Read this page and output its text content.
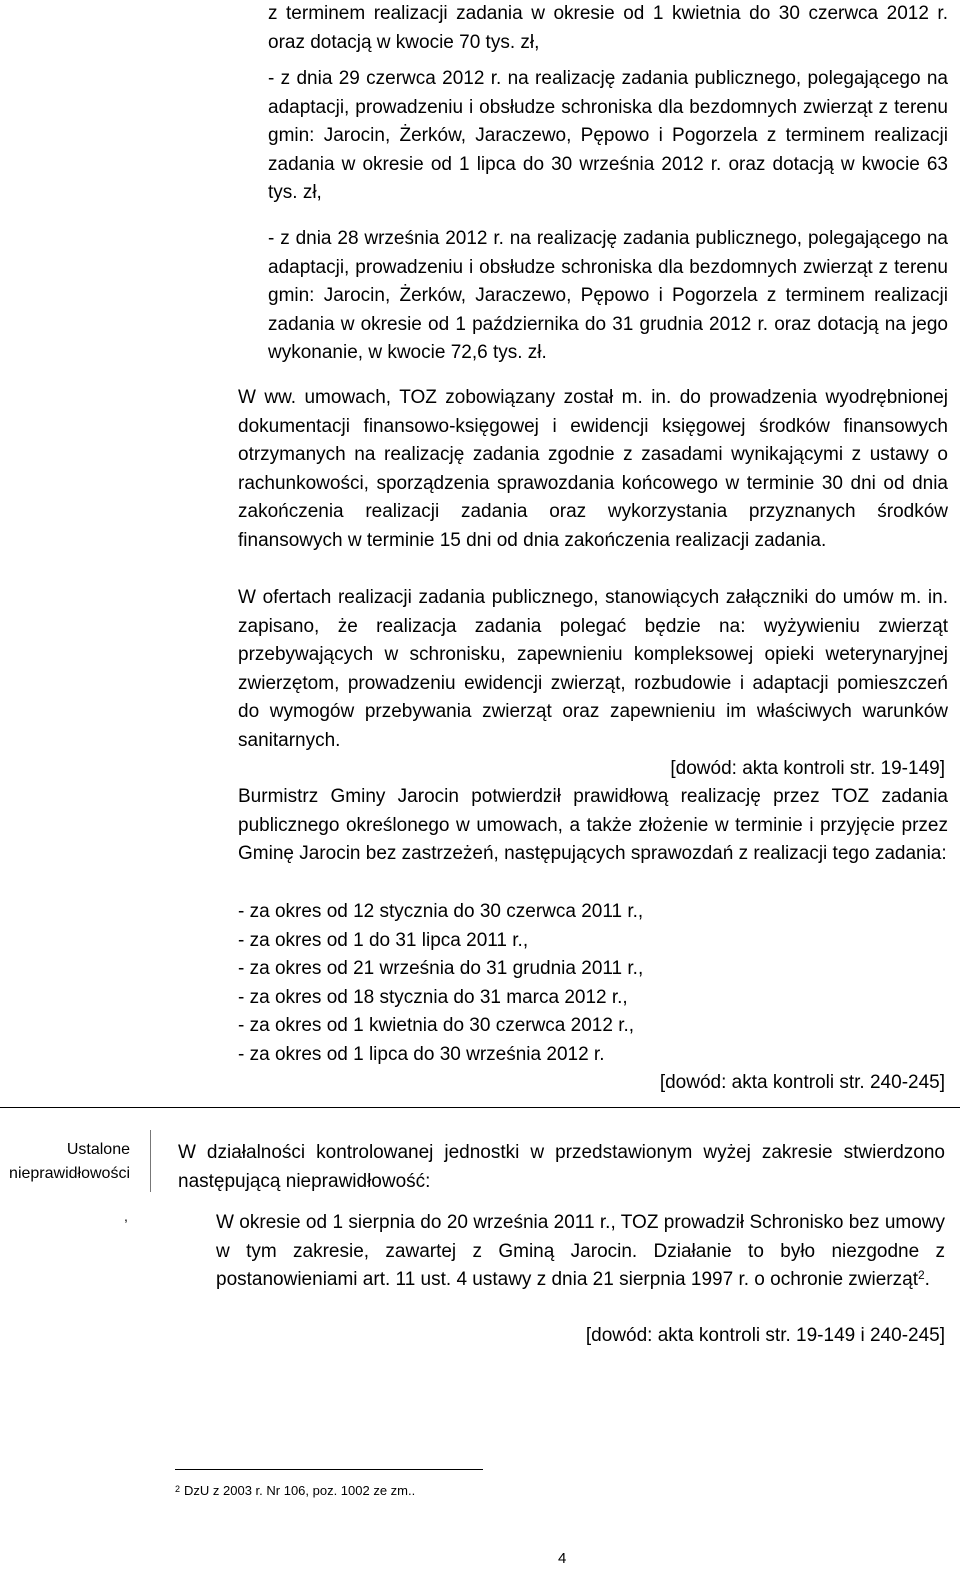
z terminem realizacji zadania w okresie od 1 kwietnia do 30 czerwca 2012 r. oraz dotacją w kwocie 70 tys. zł,
- z dnia 29 czerwca 2012 r. na realizację zadania publicznego, polegającego na adaptacji, prowadzeniu i obsłudze schroniska dla bezdomnych zwierząt z terenu gmin: Jarocin, Żerków, Jaraczewo, Pępowo i Pogorzela z terminem realizacji zadania w okresie od 1 lipca do 30 września 2012 r. oraz dotacją w kwocie 63 tys. zł,
- z dnia 28 września 2012 r. na realizację zadania publicznego, polegającego na adaptacji, prowadzeniu i obsłudze schroniska dla bezdomnych zwierząt z terenu gmin: Jarocin, Żerków, Jaraczewo, Pępowo i Pogorzela z terminem realizacji zadania w okresie od 1 października do 31 grudnia 2012 r. oraz dotacją na jego wykonanie, w kwocie 72,6 tys. zł.
W ww. umowach, TOZ zobowiązany został m. in. do prowadzenia wyodrębnionej dokumentacji finansowo-księgowej i ewidencji księgowej środków finansowych otrzymanych na realizację zadania zgodnie z zasadami wynikającymi z ustawy o rachunkowości, sporządzenia sprawozdania końcowego w terminie 30 dni od dnia zakończenia realizacji zadania oraz wykorzystania przyznanych środków finansowych w terminie 15 dni od dnia zakończenia realizacji zadania.
W ofertach realizacji zadania publicznego, stanowiących załączniki do umów m. in. zapisano, że realizacja zadania polegać będzie na: wyżywieniu zwierząt przebywających w schronisku, zapewnieniu kompleksowej opieki weterynaryjnej zwierzętom, prowadzeniu ewidencji zwierząt, rozbudowie i adaptacji pomieszczeń do wymogów przebywania zwierząt oraz zapewnieniu im właściwych warunków sanitarnych.
[dowód: akta kontroli str. 19-149]
Burmistrz Gminy Jarocin potwierdził prawidłową realizację przez TOZ zadania publicznego określonego w umowach, a także złożenie w terminie i przyjęcie przez Gminę Jarocin bez zastrzeżeń, następujących sprawozdań z realizacji tego zadania:
- za okres od 12 stycznia do 30 czerwca 2011 r.,
- za okres od 1 do 31 lipca 2011 r.,
- za okres od 21 września do 31 grudnia 2011 r.,
- za okres od 18 stycznia do 31 marca 2012 r.,
- za okres od 1 kwietnia do 30 czerwca 2012 r.,
- za okres od 1 lipca do 30 września 2012 r.
[dowód: akta kontroli str. 240-245]
Ustalone
nieprawidłowości
W działalności kontrolowanej jednostki w przedstawionym wyżej zakresie stwierdzono następującą nieprawidłowość:
,	W okresie od 1 sierpnia do 20 września 2011 r., TOZ prowadził Schronisko bez umowy w tym zakresie, zawartej z Gminą Jarocin. Działanie to było niezgodne z postanowieniami art. 11 ust. 4 ustawy z dnia 21 sierpnia 1997 r. o ochronie zwierząt$^2$.
[dowód: akta kontroli str. 19-149 i 240-245]
$^2$ DzU z 2003 r. Nr 106, poz. 1002 ze zm..
4
